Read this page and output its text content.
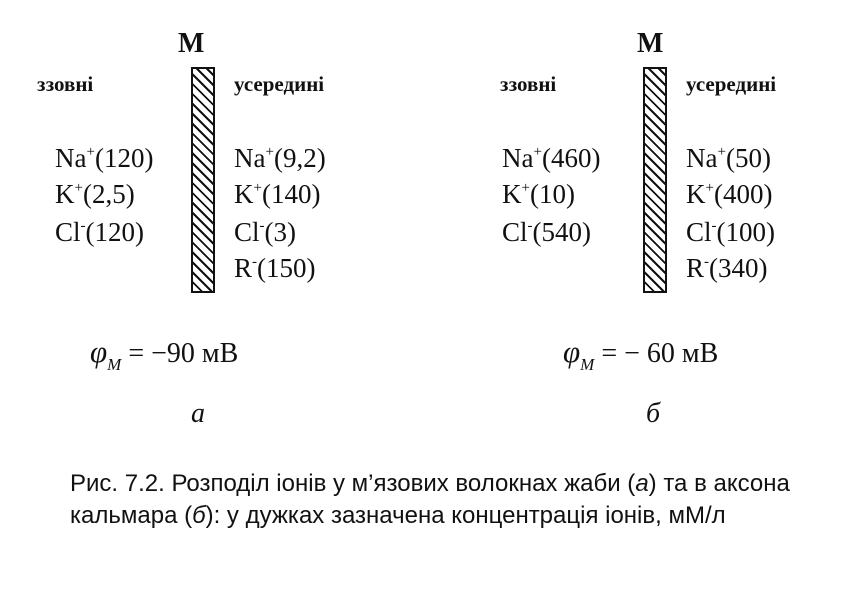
M
ззовні	усередині
Na+(120)
K+(2,5)
Cl-(120)
Na+(9,2)
K+(140)
Cl-(3)
R-(150)
$\varphi_M = -90$ мВ
а
M
ззовні	усередині
Na+(460)
K+(10)
Cl-(540)
Na+(50)
K+(400)
Cl-(100)
R-(340)
$\varphi_M$ = − 60 мВ
б
Рис. 7.2. Розподіл іонів у м’язових волокнах жаби (а) та в аксона кальмара (б): у дужках зазначена концентрація іонів, мМ/л
